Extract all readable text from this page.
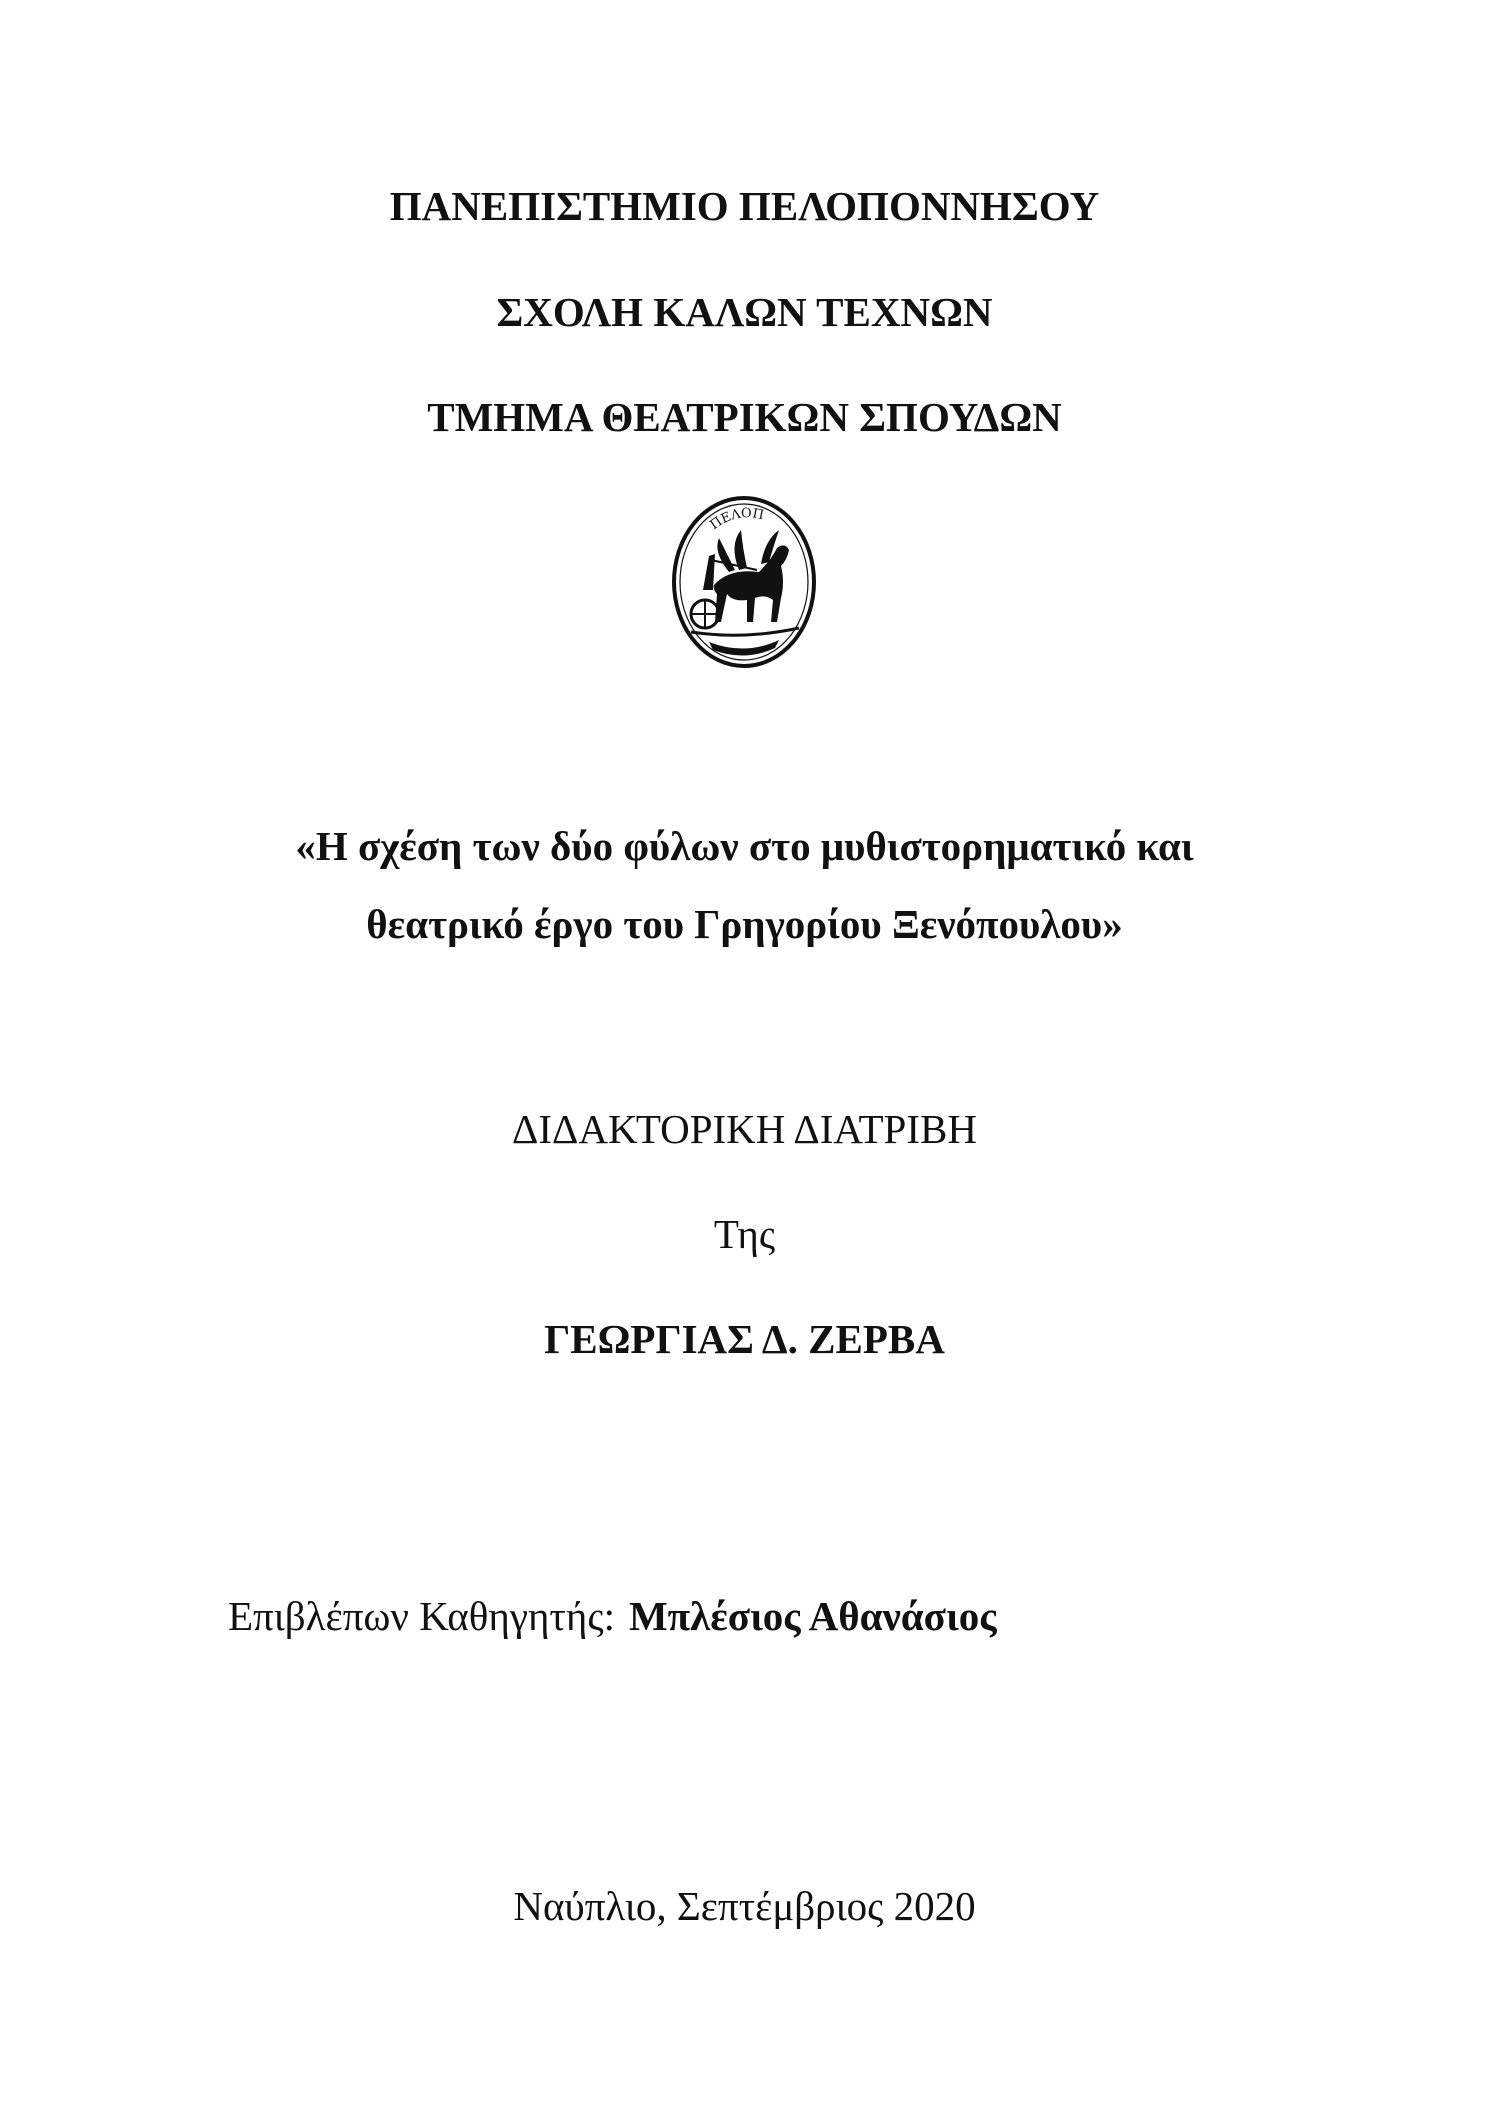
ΠΑΝΕΠΙΣΤΗΜΙΟ ΠΕΛΟΠΟΝΝΗΣΟΥ
ΣΧΟΛΗ ΚΑΛΩΝ ΤΕΧΝΩΝ
ΤΜΗΜΑ ΘΕΑΤΡΙΚΩΝ ΣΠΟΥΔΩΝ
ΠΕΛΟΠ
«Η σχέση των δύο φύλων στο μυθιστορηματικό και
θεατρικό έργο του Γρηγορίου Ξενόπουλου»
ΔΙΔΑΚΤΟΡΙΚΗ ΔΙΑΤΡΙΒΗ
Της
ΓΕΩΡΓΙΑΣ Δ. ΖΕΡΒΑ
Επιβλέπων Καθηγητής: Μπλέσιος Αθανάσιος
Ναύπλιο, Σεπτέμβριος 2020
